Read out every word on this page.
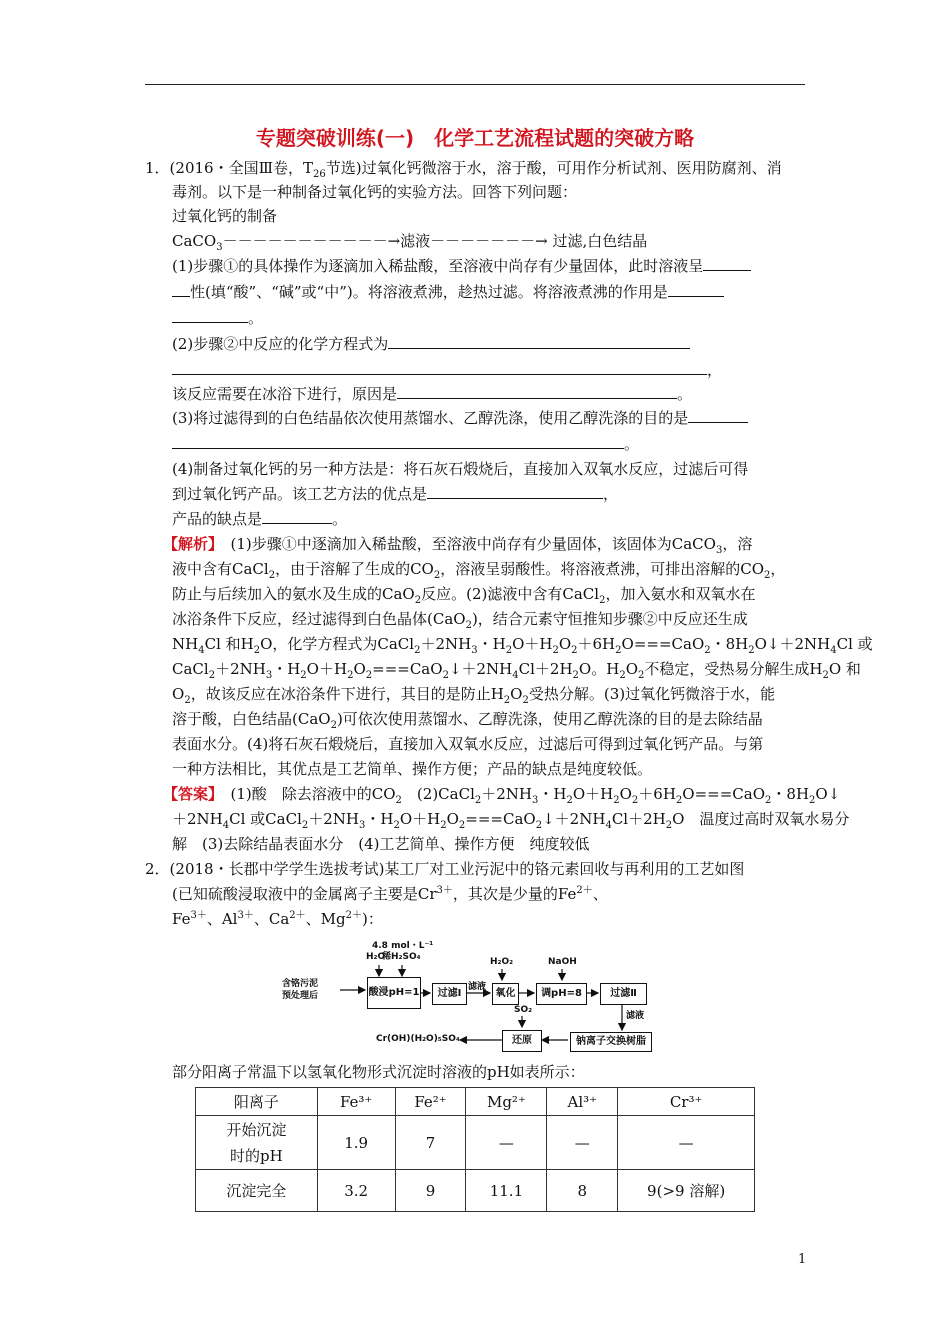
专题突破训练(一)　化学工艺流程试题的突破方略
1．(2016・全国Ⅲ卷，$T_{26}$节选)过氧化钙微溶于水，溶于酸，可用作分析试剂、医用防腐剂、消
毒剂。以下是一种制备过氧化钙的实验方法。回答下列问题：
过氧化钙的制备
CaCO$_3$－－－－－－－－－－－→滤液－－－－－－－→ 过滤,白色结晶
(1)步骤①的具体操作为逐滴加入稀盐酸，至溶液中尚存有少量固体，此时溶液呈
性(填“酸”、“碱”或“中”)。将溶液煮沸，趁热过滤。将溶液煮沸的作用是
。
(2)步骤②中反应的化学方程式为
，
该反应需要在冰浴下进行，原因是	。
(3)将过滤得到的白色结晶依次使用蒸馏水、乙醇洗涤，使用乙醇洗涤的目的是
。
(4)制备过氧化钙的另一种方法是：将石灰石煅烧后，直接加入双氧水反应，过滤后可得
到过氧化钙产品。该工艺方法的优点是	，
产品的缺点是	。
【解析】　(1)步骤①中逐滴加入稀盐酸，至溶液中尚存有少量固体，该固体为CaCO$_3$，溶
液中含有CaCl$_2$，由于溶解了生成的$CO_2$，溶液呈弱酸性。将溶液煮沸，可排出溶解的$CO_2$，
防止与后续加入的氨水及生成的CaO$_2$反应。(2)滤液中含有CaCl$_2$，加入氨水和双氧水在
冰浴条件下反应，经过滤得到白色晶体(CaO$_2$)，结合元素守恒推知步骤②中反应还生成
$NH_4Cl$ 和$H_2O$，化学方程式为$CaCl_2+2NH_3$・$H_2O+H_2O_2+6H_2O===CaO_2$・$8H_2O↓+2NH_4Cl$ 或
$CaCl_2+2NH_3$・$H_2O+H_2O_2===CaO_2↓+2NH_4Cl+2H_2O$。$H_2O_2$不稳定，受热易分解生成$H_2O$ 和
$O_2$，故该反应在冰浴条件下进行，其目的是防止$H_2O_2$受热分解。(3)过氧化钙微溶于水，能
溶于酸，白色结晶(CaO$_2$)可依次使用蒸馏水、乙醇洗涤，使用乙醇洗涤的目的是去除结晶
表面水分。(4)将石灰石煅烧后，直接加入双氧水反应，过滤后可得到过氧化钙产品。与第
一种方法相比，其优点是工艺简单、操作方便；产品的缺点是纯度较低。
【答案】　(1)酸　除去溶液中的$CO_2$　$(2)CaCl_2+2NH_3$・$H_2O+H_2O_2+6H_2O===CaO_2$・$8H_2O↓$
$+2NH_4Cl$ 或$CaCl_2+2NH_3$・$H_2O+H_2O_2===CaO_2↓+2NH_4Cl+2H_2O$　温度过高时双氧水易分
解　(3)去除结晶表面水分　(4)工艺简单、操作方便　纯度较低
2．(2018・长郡中学学生选拔考试)某工厂对工业污泥中的铬元素回收与再利用的工艺如图
(已知硫酸浸取液中的金属离子主要是$Cr^{3+}$，其次是少量的$Fe^{2+}$、
$Fe^{3+}$、$Al^{3+}$、$Ca^{2+}$、$Mg^{2+}$)：
含铬污泥
预处理后
4.8 mol・L⁻¹
稀H₂SO₄
H₂O
酸浸 pH=1	过滤Ⅰ
滤液
H₂O₂
氧化
NaOH
调pH=8	过滤Ⅱ
滤液
钠离子交换树脂
SO₂
还原
Cr(OH)(H₂O)₅SO₄
部分阳离子常温下以氢氧化物形式沉淀时溶液的pH如表所示：
阳离子	Fe³⁺	Fe²⁺	Mg²⁺	Al³⁺	Cr³⁺
开始沉淀
时的pH	1.9	7	—	—	—
沉淀完全	3.2	9	11.1	8	9(>9 溶解)
1
